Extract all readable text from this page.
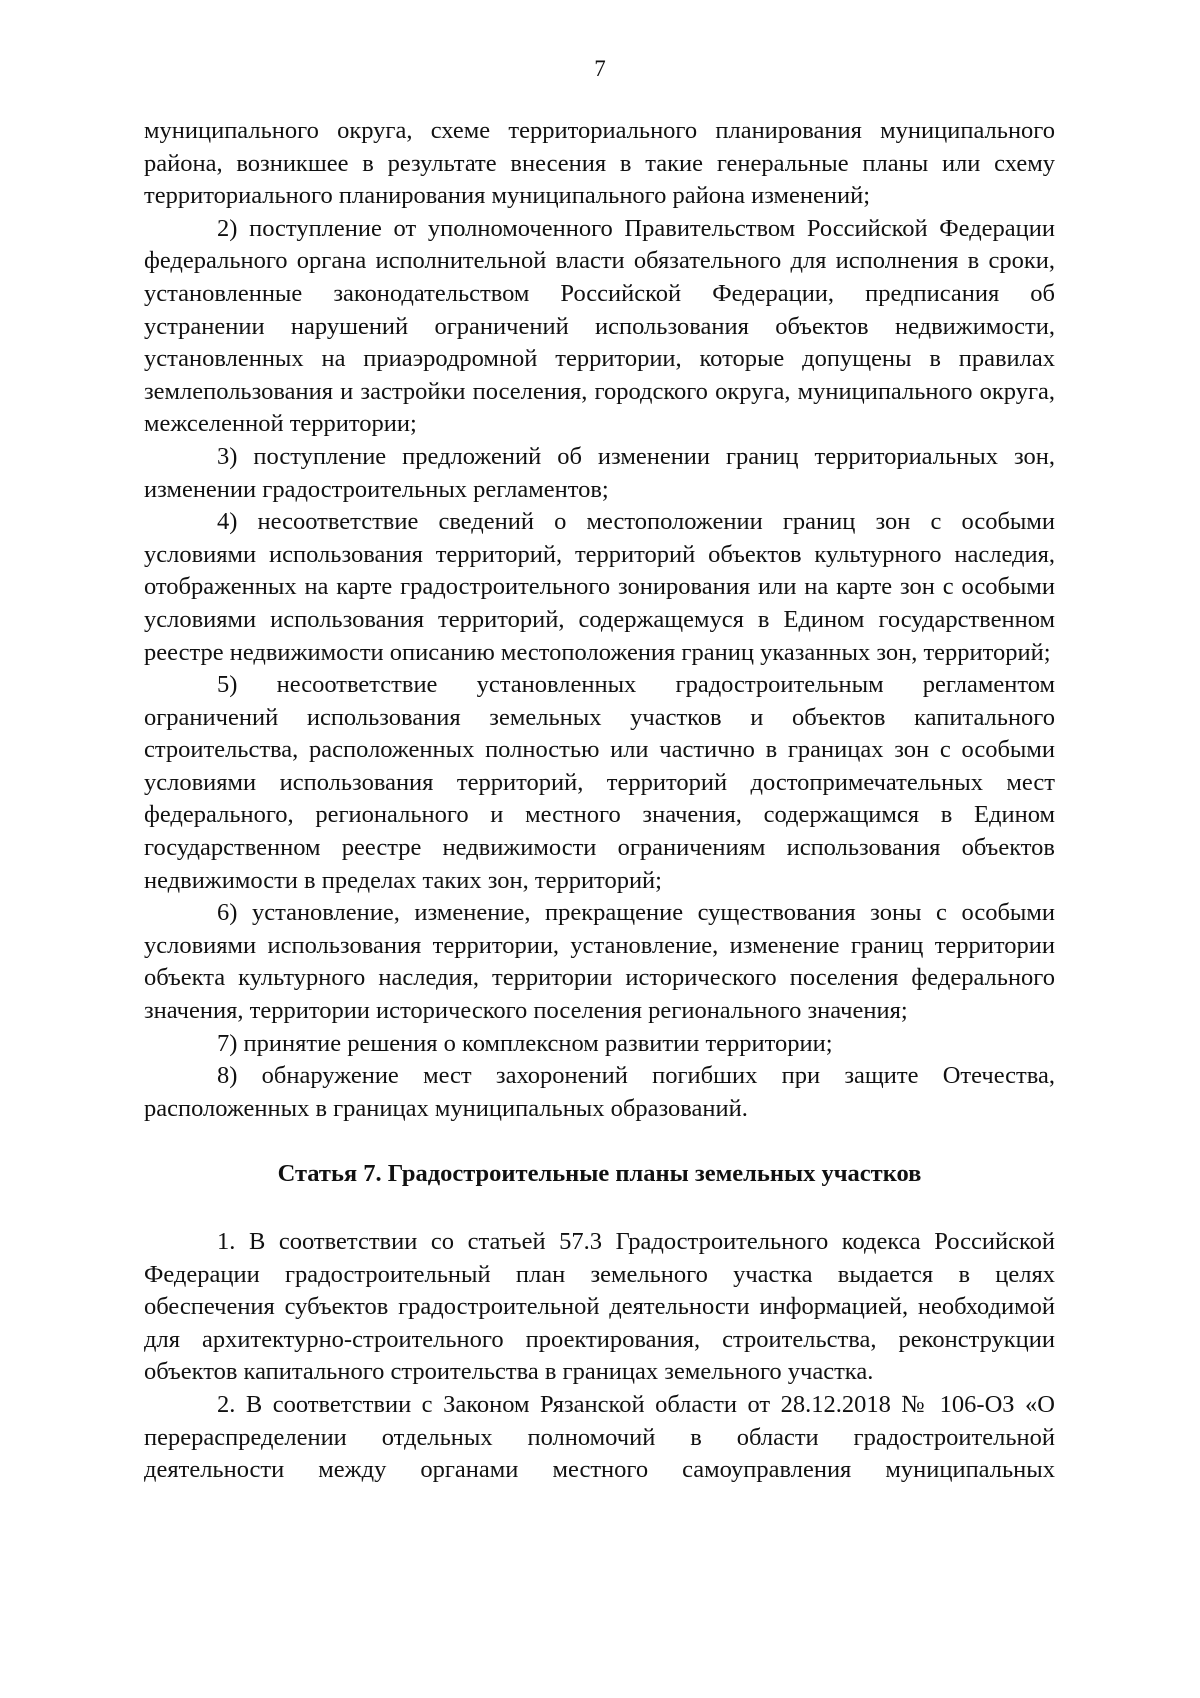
7

муниципального округа, схеме территориального планирования муниципального района, возникшее в результате внесения в такие генеральные планы или схему территориального планирования муниципального района изменений;

2) поступление от уполномоченного Правительством Российской Федерации федерального органа исполнительной власти обязательного для исполнения в сроки, установленные законодательством Российской Федерации, предписания об устранении нарушений ограничений использования объектов недвижимости, установленных на приаэродромной территории, которые допущены в правилах землепользования и застройки поселения, городского округа, муниципального округа, межселенной территории;

3) поступление предложений об изменении границ территориальных зон, изменении градостроительных регламентов;

4) несоответствие сведений о местоположении границ зон с особыми условиями использования территорий, территорий объектов культурного наследия, отображенных на карте градостроительного зонирования или на карте зон с особыми условиями использования территорий, содержащемуся в Едином государственном реестре недвижимости описанию местоположения границ указанных зон, территорий;

5) несоответствие установленных градостроительным регламентом ограничений использования земельных участков и объектов капитального строительства, расположенных полностью или частично в границах зон с особыми условиями использования территорий, территорий достопримечательных мест федерального, регионального и местного значения, содержащимся в Едином государственном реестре недвижимости ограничениям использования объектов недвижимости в пределах таких зон, территорий;

6) установление, изменение, прекращение существования зоны с особыми условиями использования территории, установление, изменение границ территории объекта культурного наследия, территории исторического поселения федерального значения, территории исторического поселения регионального значения;

7) принятие решения о комплексном развитии территории;

8) обнаружение мест захоронений погибших при защите Отечества, расположенных в границах муниципальных образований.

Статья 7. Градостроительные планы земельных участков

1. В соответствии со статьей 57.3 Градостроительного кодекса Российской Федерации градостроительный план земельного участка выдается в целях обеспечения субъектов градостроительной деятельности информацией, необходимой для архитектурно-строительного проектирования, строительства, реконструкции объектов капитального строительства в границах земельного участка.

2. В соответствии с Законом Рязанской области от 28.12.2018 № 106-ОЗ «О перераспределении отдельных полномочий в области градостроительной деятельности между органами местного самоуправления муниципальных
